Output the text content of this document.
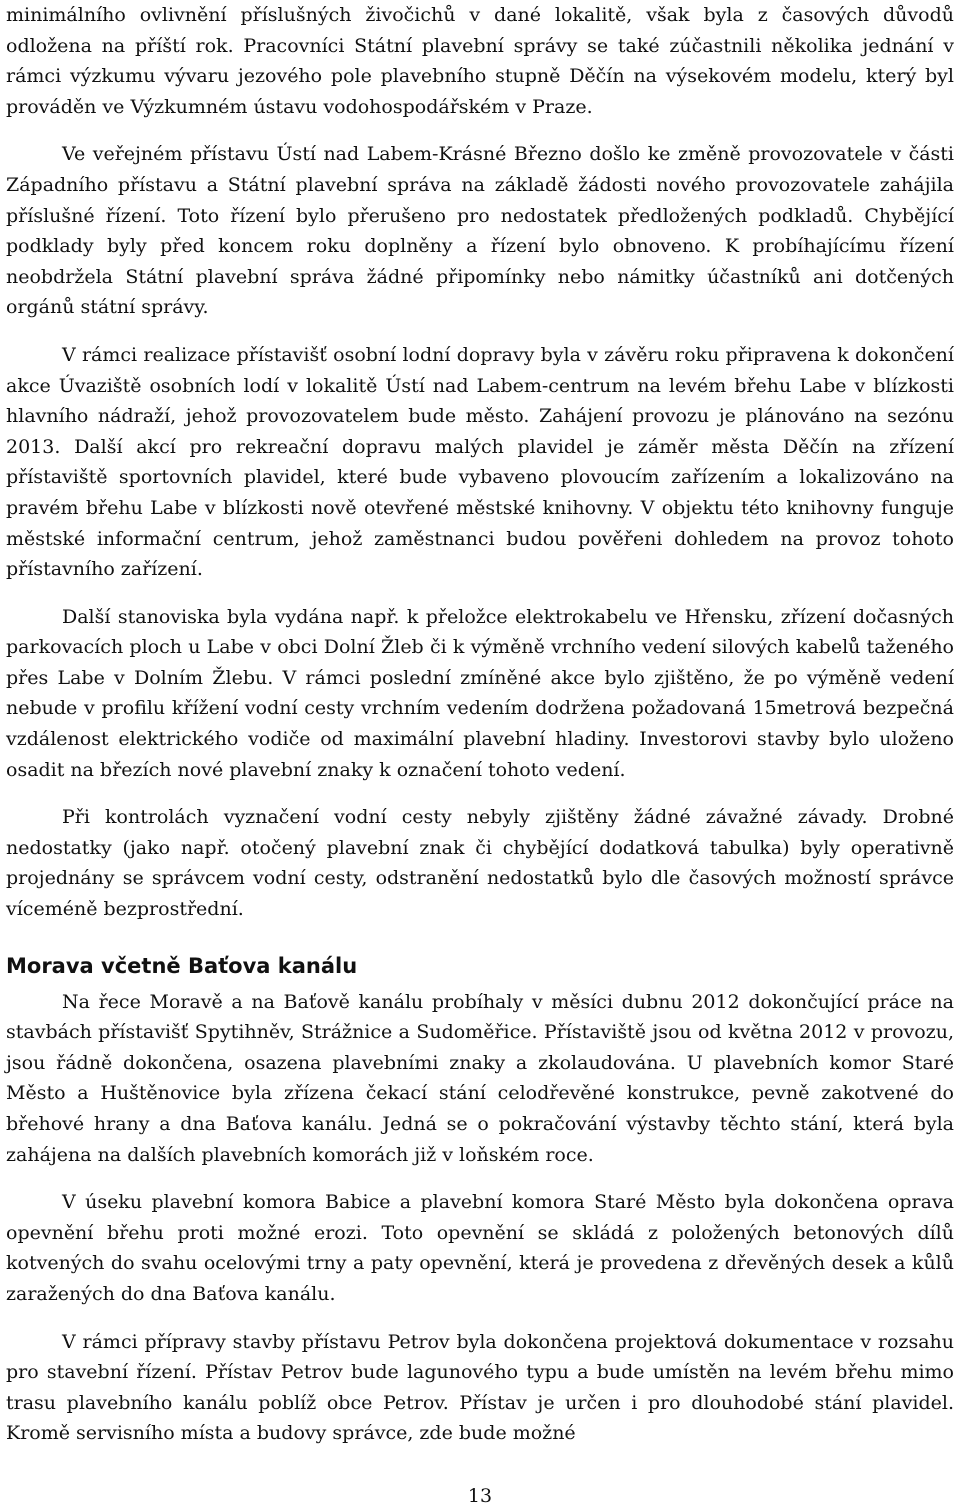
minimálního ovlivnění příslušných živočichů v dané lokalitě, však byla z časových důvodů odložena na příští rok. Pracovníci Státní plavební správy se také zúčastnili několika jednání v rámci výzkumu vývaru jezového pole plavebního stupně Děčín na výsekovém modelu, který byl prováděn ve Výzkumném ústavu vodohospodářském v Praze.

Ve veřejném přístavu Ústí nad Labem-Krásné Březno došlo ke změně provozovatele v části Západního přístavu a Státní plavební správa na základě žádosti nového provozovatele zahájila příslušné řízení. Toto řízení bylo přerušeno pro nedostatek předložených podkladů. Chybějící podklady byly před koncem roku doplněny a řízení bylo obnoveno. K probíhajícímu řízení neobdržela Státní plavební správa žádné připomínky nebo námitky účastníků ani dotčených orgánů státní správy.

V rámci realizace přístavišť osobní lodní dopravy byla v závěru roku připravena k dokončení akce Úvaziště osobních lodí v lokalitě Ústí nad Labem-centrum na levém břehu Labe v blízkosti hlavního nádraží, jehož provozovatelem bude město. Zahájení provozu je plánováno na sezónu 2013. Další akcí pro rekreační dopravu malých plavidel je záměr města Děčín na zřízení přístaviště sportovních plavidel, které bude vybaveno plovoucím zařízením a lokalizováno na pravém břehu Labe v blízkosti nově otevřené městské knihovny. V objektu této knihovny funguje městské informační centrum, jehož zaměstnanci budou pověřeni dohledem na provoz tohoto přístavního zařízení.

Další stanoviska byla vydána např. k přeložce elektrokabelu ve Hřensku, zřízení dočasných parkovacích ploch u Labe v obci Dolní Žleb či k výměně vrchního vedení silových kabelů taženého přes Labe v Dolním Žlebu. V rámci poslední zmíněné akce bylo zjištěno, že po výměně vedení nebude v profilu křížení vodní cesty vrchním vedením dodržena požadovaná 15metrová bezpečná vzdálenost elektrického vodiče od maximální plavební hladiny. Investorovi stavby bylo uloženo osadit na březích nové plavební znaky k označení tohoto vedení.

Při kontrolách vyznačení vodní cesty nebyly zjištěny žádné závažné závady. Drobné nedostatky (jako např. otočený plavební znak či chybějící dodatková tabulka) byly operativně projednány se správcem vodní cesty, odstranění nedostatků bylo dle časových možností správce víceméně bezprostřední.

Morava včetně Baťova kanálu

Na řece Moravě a na Baťově kanálu probíhaly v měsíci dubnu 2012 dokončující práce na stavbách přístavišť Spytihněv, Strážnice a Sudoměřice. Přístaviště jsou od května 2012 v provozu, jsou řádně dokončena, osazena plavebními znaky a zkolaudována. U plavebních komor Staré Město a Huštěnovice byla zřízena čekací stání celodřevěné konstrukce, pevně zakotvené do břehové hrany a dna Baťova kanálu. Jedná se o pokračování výstavby těchto stání, která byla zahájena na dalších plavebních komorách již v loňském roce.

V úseku plavební komora Babice a plavební komora Staré Město byla dokončena oprava opevnění břehu proti možné erozi. Toto opevnění se skládá z položených betonových dílů kotvených do svahu ocelovými trny a paty opevnění, která je provedena z dřevěných desek a kůlů zaražených do dna Baťova kanálu.

V rámci přípravy stavby přístavu Petrov byla dokončena projektová dokumentace v rozsahu pro stavební řízení. Přístav Petrov bude lagunového typu a bude umístěn na levém břehu mimo trasu plavebního kanálu poblíž obce Petrov. Přístav je určen i pro dlouhodobé stání plavidel. Kromě servisního místa a budovy správce, zde bude možné

13
